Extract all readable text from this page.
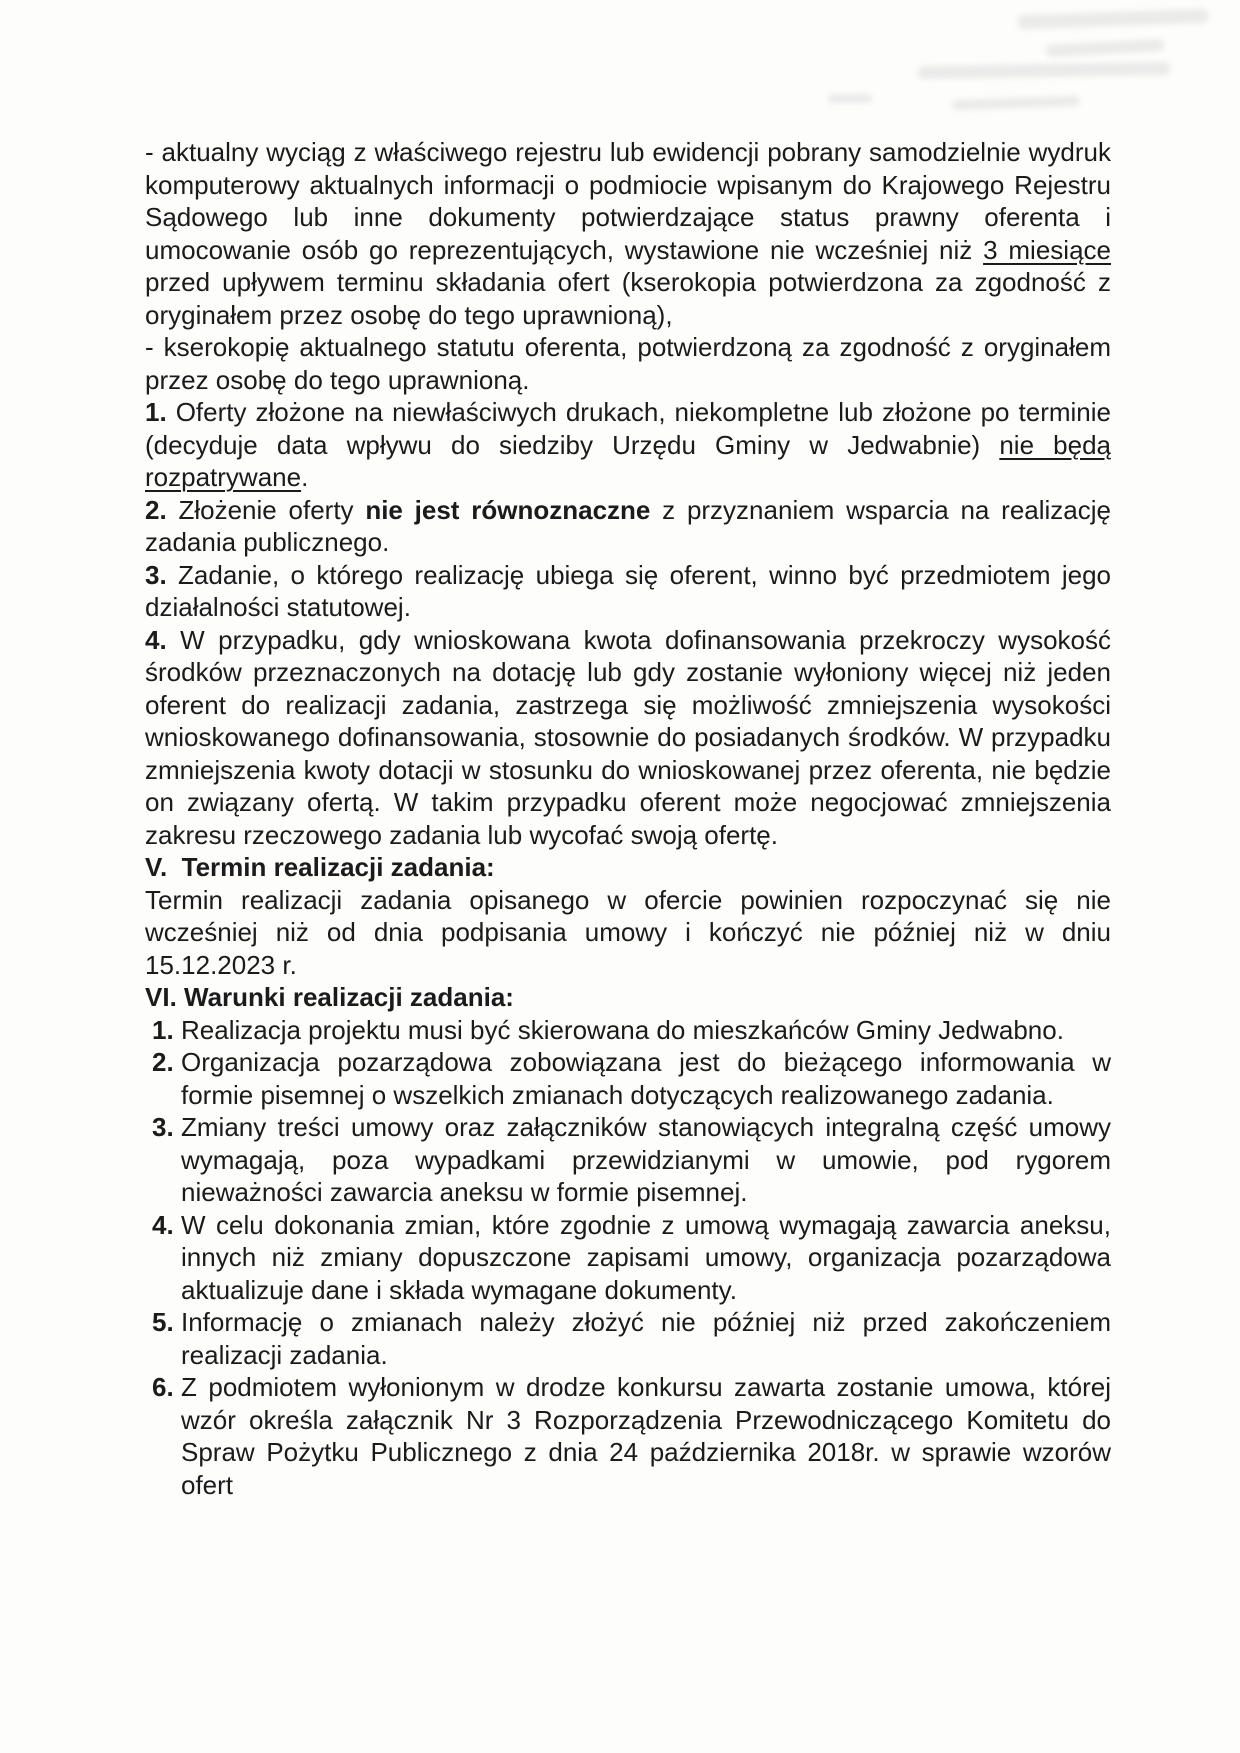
- aktualny wyciąg z właściwego rejestru lub ewidencji pobrany samodzielnie wydruk komputerowy aktualnych informacji o podmiocie wpisanym do Krajowego Rejestru Sądowego lub inne dokumenty potwierdzające status prawny oferenta i umocowanie osób go reprezentujących, wystawione nie wcześniej niż 3 miesiące przed upływem terminu składania ofert (kserokopia potwierdzona za zgodność z oryginałem przez osobę do tego uprawnioną),

- kserokopię aktualnego statutu oferenta, potwierdzoną za zgodność z oryginałem przez osobę do tego uprawnioną.

1. Oferty złożone na niewłaściwych drukach, niekompletne lub złożone po terminie (decyduje data wpływu do siedziby Urzędu Gminy w Jedwabnie) nie będą rozpatrywane.

2. Złożenie oferty nie jest równoznaczne z przyznaniem wsparcia na realizację zadania publicznego.

3. Zadanie, o którego realizację ubiega się oferent, winno być przedmiotem jego działalności statutowej.

4. W przypadku, gdy wnioskowana kwota dofinansowania przekroczy wysokość środków przeznaczonych na dotację lub gdy zostanie wyłoniony więcej niż jeden oferent do realizacji zadania, zastrzega się możliwość zmniejszenia wysokości wnioskowanego dofinansowania, stosownie do posiadanych środków. W przypadku zmniejszenia kwoty dotacji w stosunku do wnioskowanej przez oferenta, nie będzie on związany ofertą. W takim przypadku oferent może negocjować zmniejszenia zakresu rzeczowego zadania lub wycofać swoją ofertę.

V.  Termin realizacji zadania:

Termin realizacji zadania opisanego w ofercie powinien rozpoczynać się nie wcześniej niż od dnia podpisania umowy i kończyć nie później niż w dniu 15.12.2023 r.

VI. Warunki realizacji zadania:

1. Realizacja projektu musi być skierowana do mieszkańców Gminy Jedwabno.
2. Organizacja pozarządowa zobowiązana jest do bieżącego informowania w formie pisemnej o wszelkich zmianach dotyczących realizowanego zadania.
3. Zmiany treści umowy oraz załączników stanowiących integralną część umowy wymagają, poza wypadkami przewidzianymi w umowie, pod rygorem nieważności zawarcia aneksu w formie pisemnej.
4. W celu dokonania zmian, które zgodnie z umową wymagają zawarcia aneksu, innych niż zmiany dopuszczone zapisami umowy, organizacja pozarządowa aktualizuje dane i składa wymagane dokumenty.
5. Informację o zmianach należy złożyć nie później niż przed zakończeniem realizacji zadania.
6. Z podmiotem wyłonionym w drodze konkursu zawarta zostanie umowa, której wzór określa załącznik Nr 3 Rozporządzenia Przewodniczącego Komitetu do Spraw Pożytku Publicznego z dnia 24 października 2018r. w sprawie wzorów ofert
